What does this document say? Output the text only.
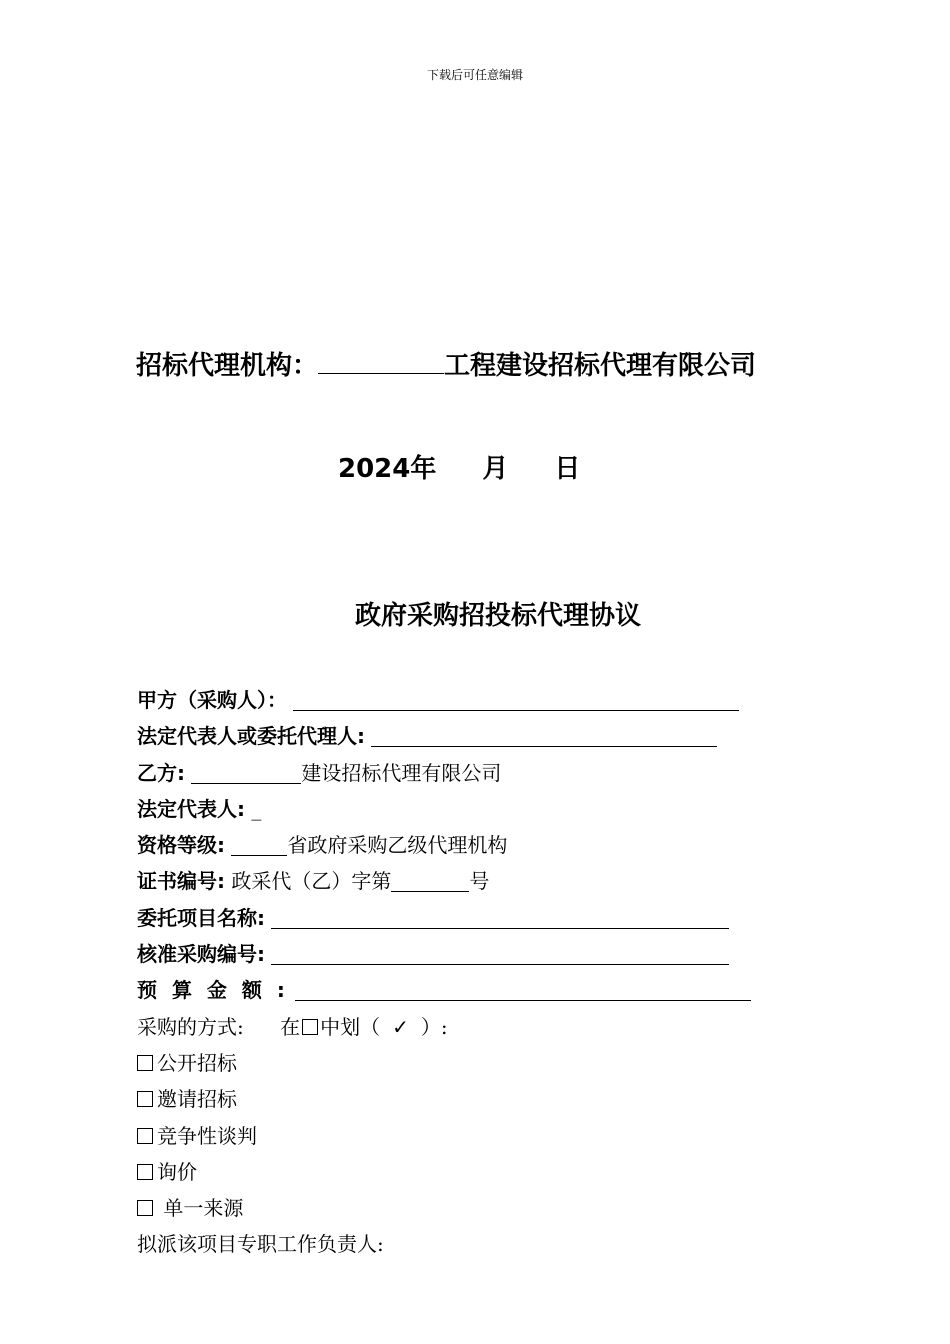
下载后可任意编辑
招标代理机构：	工程建设招标代理有限公司
2024年 月 日
政府采购招投标代理协议
甲方（采购人）：
法定代表人或委托代理人:
乙方:	建设招标代理有限公司
法定代表人: _
资格等级:	省政府采购乙级代理机构
证书编号: 政采代（乙）字第	号
委托项目名称:
核准采购编号:
预 算 金 额 :
采购的方式: 在 中划（ ✓ ）:
公开招标
邀请招标
竞争性谈判
询价
单一来源
拟派该项目专职工作负责人:
